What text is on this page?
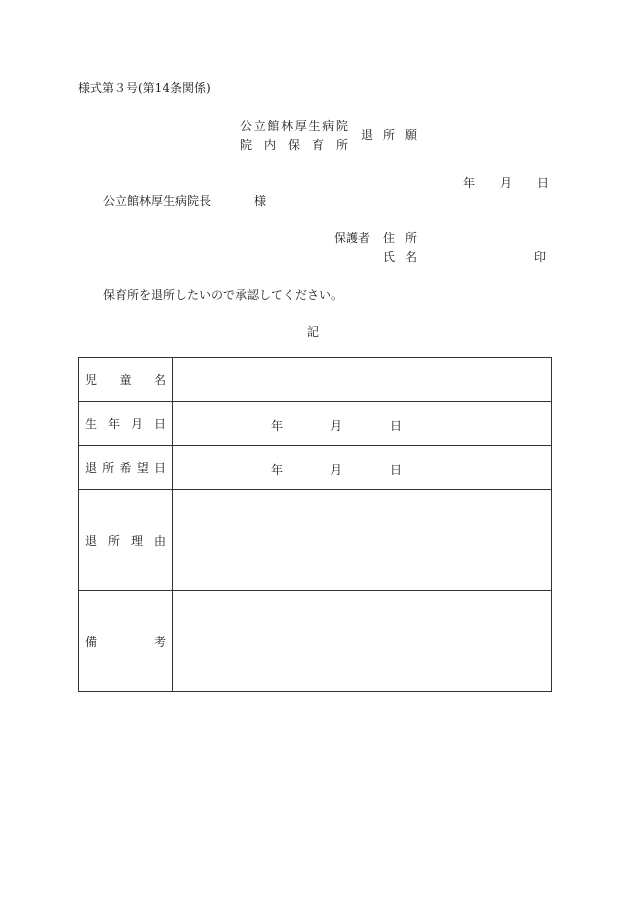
様式第３号(第14条関係)
公 立 館 林 厚 生 病 院
院 内 保 育 所
退 所 願
年 月 日
公立館林厚生病院長	様
保護者 住 所
氏 名	印
保育所を退所したいので承認してください。
記
児 童 名	

生 年 月 日	年 月 日

退 所 希 望 日	年 月 日

退 所 理 由	

備 考	
